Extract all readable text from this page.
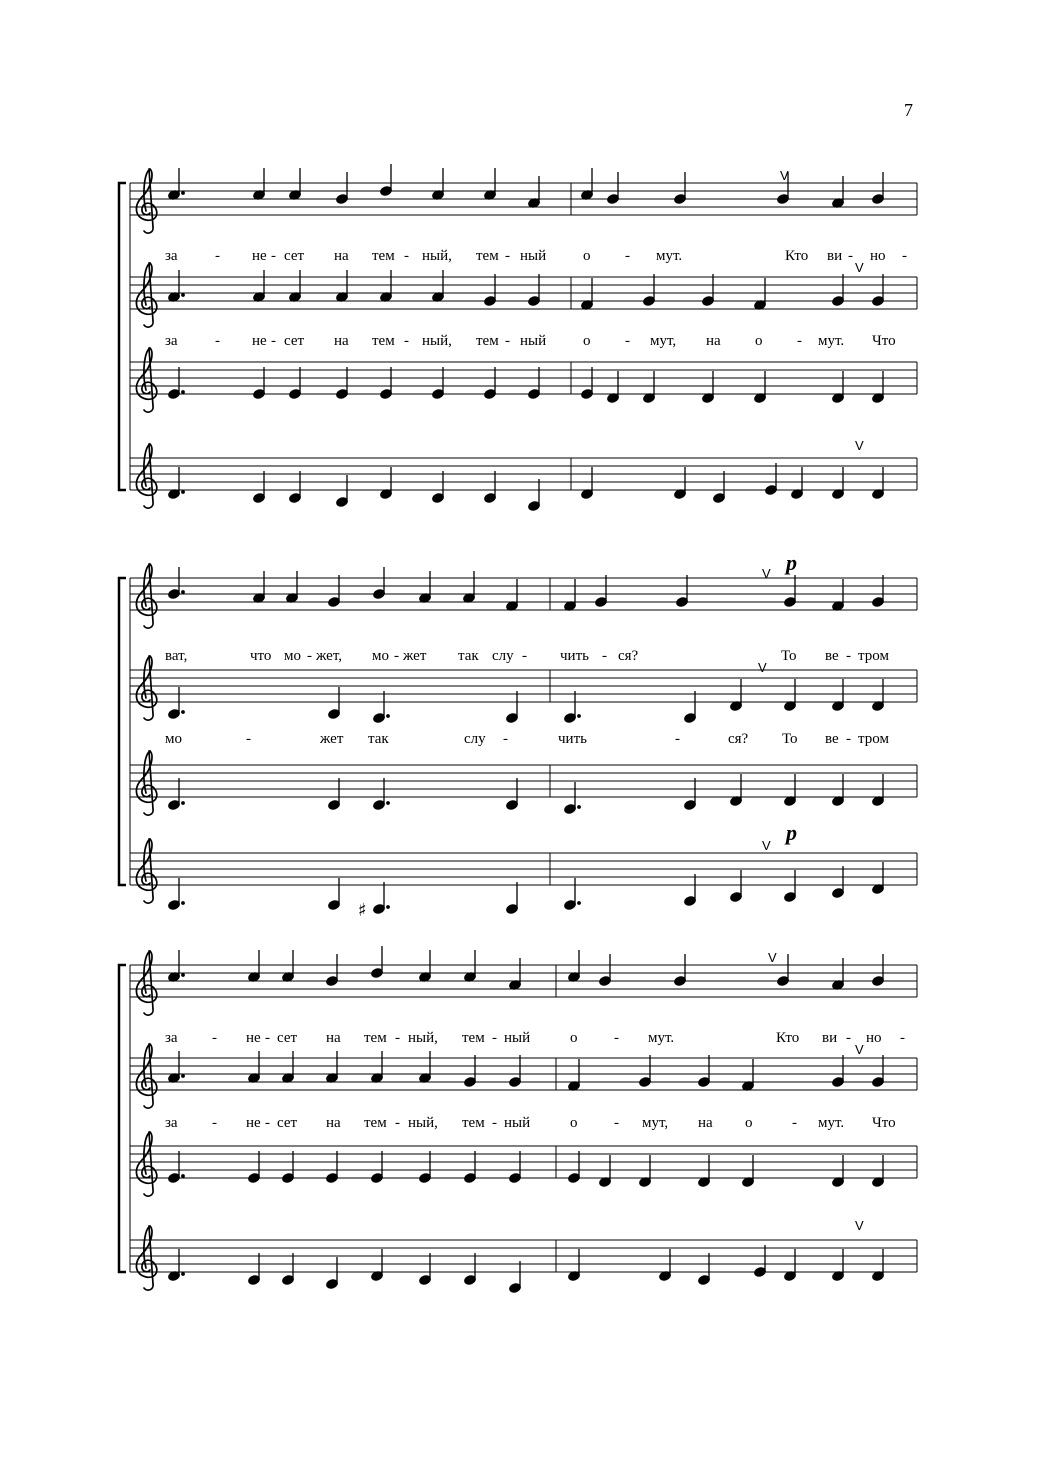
7
V
за - не - сет на тем - ный, тем - ный о - мут.	Кто ви - но -
V
за - не - сет на тем - ный, тем - ный о - мут, на о - мут. Что
V
V p
ват,	что мо - жет, мо - жет так слу - чить - ся?	То ве - тром
V
мо	-	жет так	слу -	чить	-	ся? То ве - тром
♯
V
p
V
за - не - сет на тем - ный, тем - ный	о - мут.	Кто ви - но -
V
за - не - сет на тем - ный, тем - ный	о - мут, на о	- мут. Что
V
